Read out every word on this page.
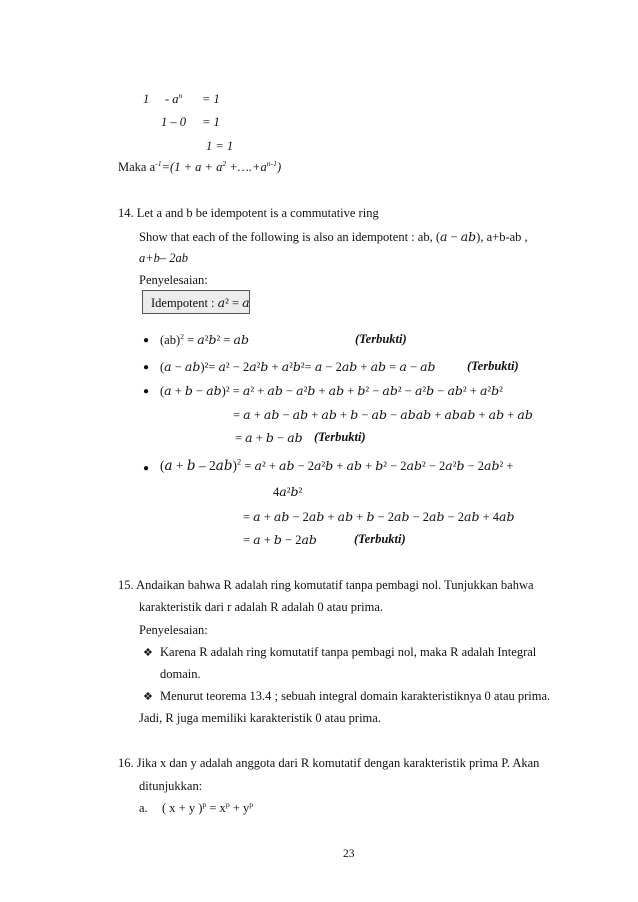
$1 - a^n = 1$
1 – 0 = 1
1 = 1
Maka $a^{-1}=(1 + a + a^2$ $+\dots.+a^{n-1}$)
14. Let a and b be idempotent is a commutative ring
Show that each of the following is also an idempotent : ab, (𝑎 − 𝑎𝑏), a+b-ab ,
a+b– 2ab
Penyelesaian:
Idempotent : 𝑎² = 𝑎
● (ab)$^2$ = 𝑎²𝑏² = 𝑎𝑏	(Terbukti)
● (𝑎 − 𝑎𝑏)²= 𝑎² − 2𝑎²𝑏 + 𝑎²𝑏²= 𝑎 − 2𝑎𝑏 + 𝑎𝑏 = 𝑎 − 𝑎𝑏	(Terbukti)
● (𝑎 + 𝑏 − 𝑎𝑏)² = 𝑎² + 𝑎𝑏 − 𝑎²𝑏 + 𝑎𝑏 + 𝑏² − 𝑎𝑏² − 𝑎²𝑏 − 𝑎𝑏² + 𝑎²𝑏²
= 𝑎 + 𝑎𝑏 − 𝑎𝑏 + 𝑎𝑏 + 𝑏 − 𝑎𝑏 − 𝑎𝑏𝑎𝑏 + 𝑎𝑏𝑎𝑏 + 𝑎𝑏 + 𝑎𝑏
= 𝑎 + 𝑏 − 𝑎𝑏 (Terbukti)
● (𝑎 + 𝑏 – 2𝑎𝑏)$^2$ = 𝑎² + 𝑎𝑏 − 2𝑎²𝑏 + 𝑎𝑏 + 𝑏² − 2𝑎𝑏² − 2𝑎²𝑏 − 2𝑎𝑏² +
4𝑎²𝑏²
= 𝑎 + 𝑎𝑏 − 2𝑎𝑏 + 𝑎𝑏 + 𝑏 − 2𝑎𝑏 − 2𝑎𝑏 − 2𝑎𝑏 + 4𝑎𝑏
= 𝑎 + 𝑏 − 2𝑎𝑏	(Terbukti)
15. Andaikan bahwa R adalah ring komutatif tanpa pembagi nol. Tunjukkan bahwa
karakteristik dari r adalah R adalah 0 atau prima.
Penyelesaian:
❖ Karena R adalah ring komutatif tanpa pembagi nol, maka R adalah Integral
domain.
❖ Menurut teorema 13.4 ; sebuah integral domain karakteristiknya 0 atau prima.
Jadi, R juga memiliki karakteristik 0 atau prima.
16. Jika x dan y adalah anggota dari R komutatif dengan karakteristik prima P. Akan
ditunjukkan:
a. ( x + y )$^p = x^p + y^p$
23
